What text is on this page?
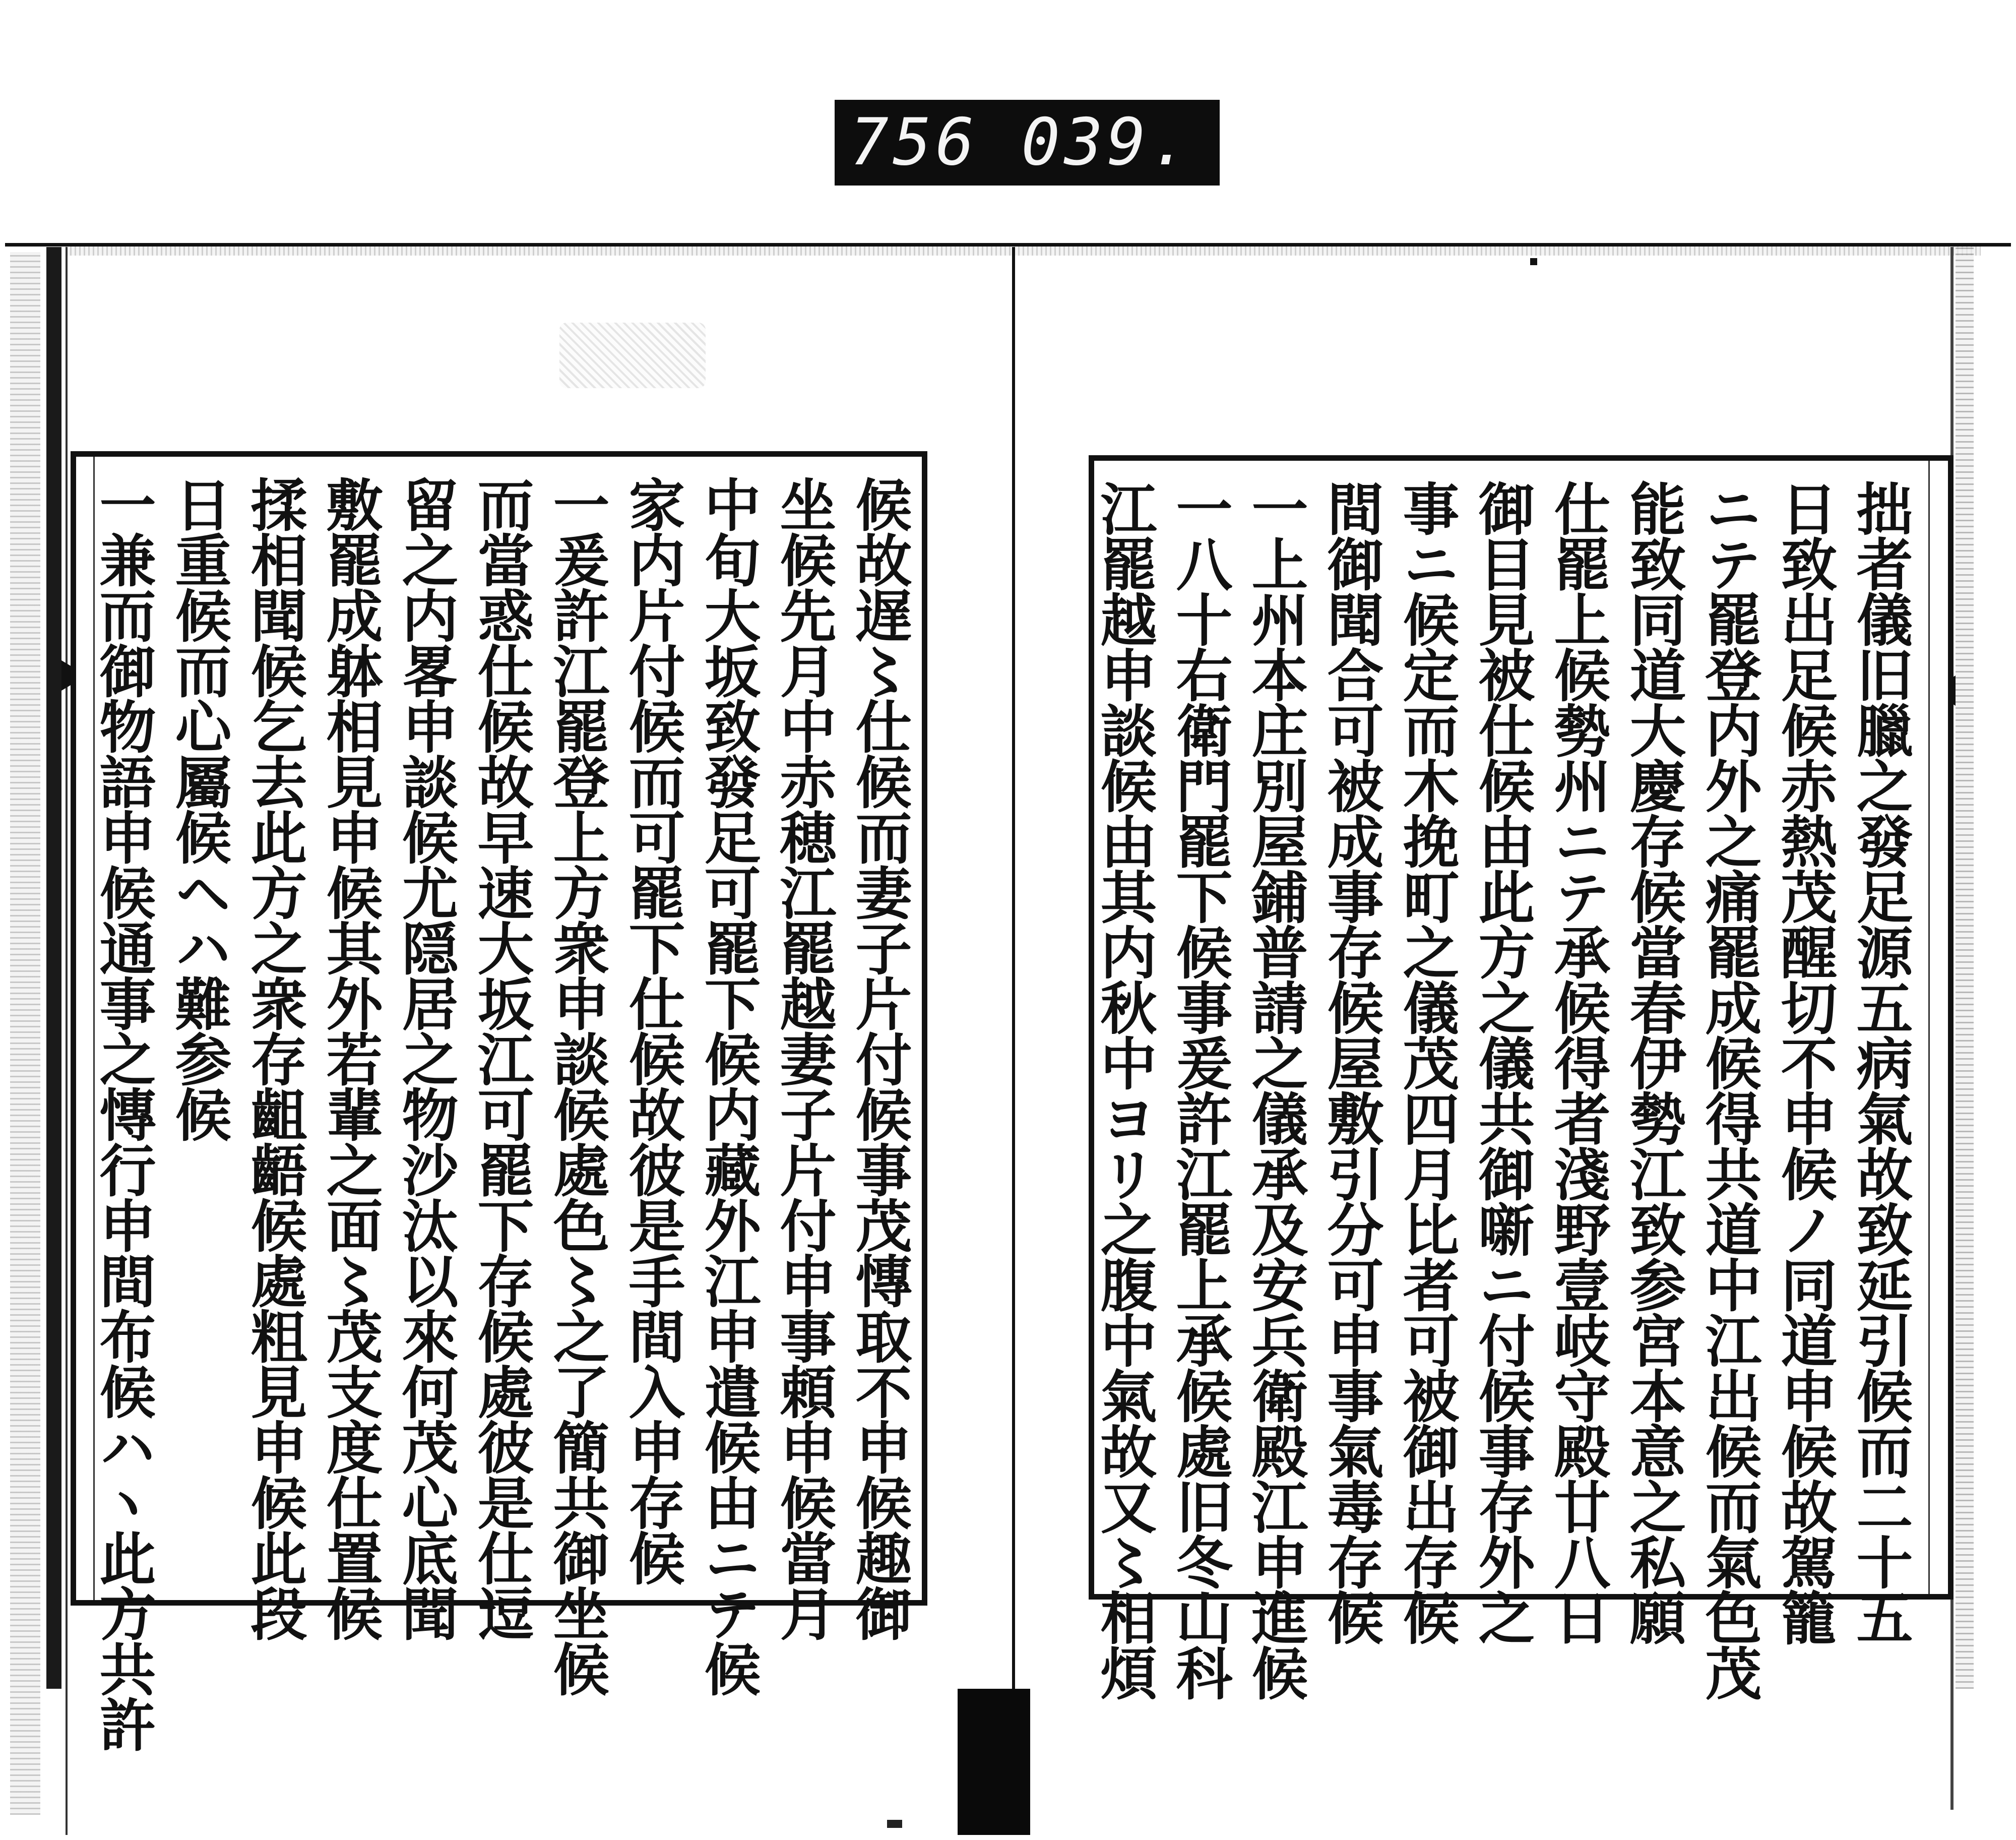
756 039.
候故遅〻仕候而妻子片付候事茂慱取不申候趣御
坐候先月中赤穂江罷越妻子片付申事頼申候當月
中旬大坂致發足可罷下候内藏外江申遣候由ニテ候
家内片付候而可罷下仕候故彼是手間入申存候
一爰許江罷登上方衆申談候處色〻之了簡共御坐候
而當惑仕候故早速大坂江可罷下存候處彼是仕逗
留之内畧申談候尤隠居之物沙汰以來何茂心底聞
敷罷成躰相見申候其外若輩之面〻茂支度仕置候
揉相聞候乞去此方之衆存齟齬候處粗見申候此段
日重候而心屬候ヘハ難参候
一兼而御物語申候通事之慱行申間布候ハヽ此方共許	拙者儀旧臘之發足源五病氣故致延引候而二十五
日致出足候赤熱茂醒切不申候ノ同道申候故駕籠
ニテ罷登内外之痛罷成候得共道中江出候而氣色茂
能致同道大慶存候當春伊勢江致参宮本意之私願
仕罷上候勢州ニテ承候得者淺野壹岐守殿廿八日
御目見被仕候由此方之儀共御噺ニ付候事存外之
事ニ候定而木挽町之儀茂四月比者可被御出存候
間御聞合可被成事存候屋敷引分可申事氣毒存候
一上州本庄別屋鋪普請之儀承及安兵衛殿江申進候
一八十右衛門罷下候事爰許江罷上承候處旧冬山科
江罷越申談候由其内秋中ヨリ之腹中氣故又〻相煩
